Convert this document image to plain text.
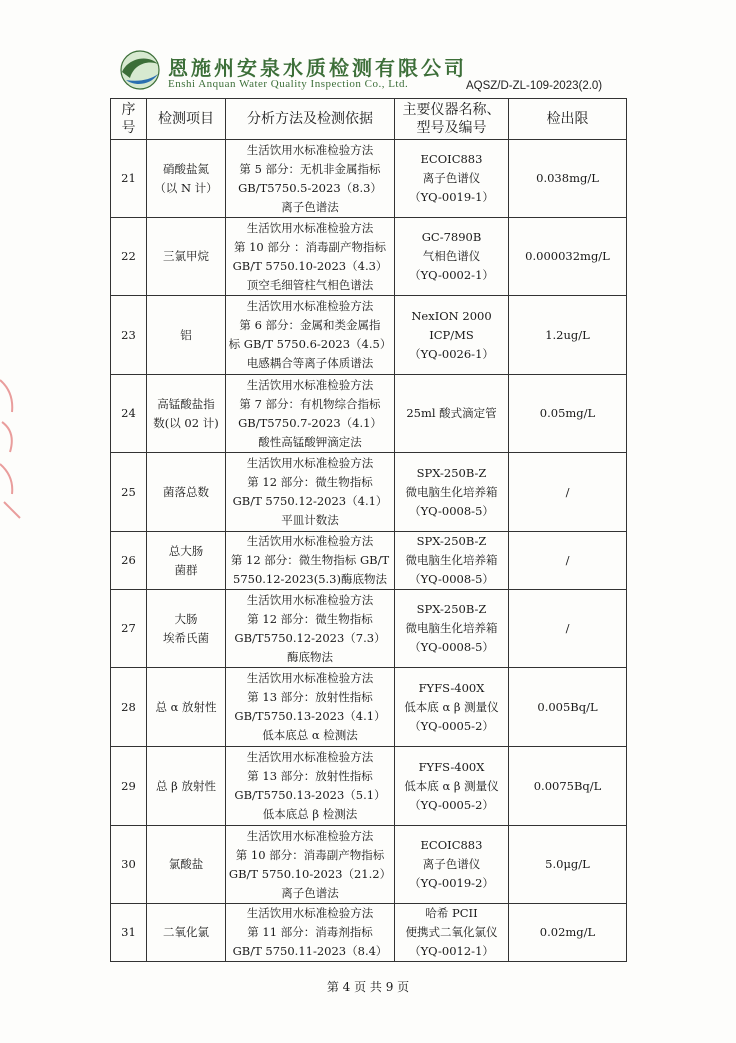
恩施州安泉水质检测有限公司
Enshi Anquan Water Quality Inspection Co., Ltd.	AQSZ/D-ZL-109-2023(2.0)
序
号	检测项目	分析方法及检测依据	主要仪器名称、
型号及编号	检出限

21	硝酸盐氮
（以 N 计）	生活饮用水标准检验方法
第 5 部分：无机非金属指标
GB/T5750.5-2023（8.3）
离子色谱法	ECOIC883
离子色谱仪
（YQ-0019-1）	0.038mg/L
22	三氯甲烷	生活饮用水标准检验方法
第 10 部分 ：消毒副产物指标
GB/T 5750.10-2023（4.3）
顶空毛细管柱气相色谱法	GC-7890B
气相色谱仪
（YQ-0002-1）	0.000032mg/L
23	铝	生活饮用水标准检验方法
第 6 部分：金属和类金属指
标 GB/T 5750.6-2023（4.5）
电感耦合等离子体质谱法	NexION 2000
ICP/MS
（YQ-0026-1）	1.2ug/L
24	高锰酸盐指
数(以 02 计)	生活饮用水标准检验方法
第 7 部分：有机物综合指标
GB/T5750.7-2023（4.1）
酸性高锰酸钾滴定法	25ml 酸式滴定管	0.05mg/L
25	菌落总数	生活饮用水标准检验方法
第 12 部分：微生物指标
GB/T 5750.12-2023（4.1）
平皿计数法	SPX-250B-Z
微电脑生化培养箱
（YQ-0008-5）	/
26	总大肠
菌群	生活饮用水标准检验方法
第 12 部分：微生物指标 GB/T
5750.12-2023(5.3)酶底物法	SPX-250B-Z
微电脑生化培养箱
（YQ-0008-5）	/
27	大肠
埃希氏菌	生活饮用水标准检验方法
第 12 部分：微生物指标
GB/T5750.12-2023（7.3）
酶底物法	SPX-250B-Z
微电脑生化培养箱
（YQ-0008-5）	/
28	总 α 放射性	生活饮用水标准检验方法
第 13 部分：放射性指标
GB/T5750.13-2023（4.1）
低本底总 α 检测法	FYFS-400X
低本底 α β 测量仪
（YQ-0005-2）	0.005Bq/L
29	总 β 放射性	生活饮用水标准检验方法
第 13 部分：放射性指标
GB/T5750.13-2023（5.1）
低本底总 β 检测法	FYFS-400X
低本底 α β 测量仪
（YQ-0005-2）	0.0075Bq/L
30	氯酸盐	生活饮用水标准检验方法
第 10 部分：消毒副产物指标
GB/T 5750.10-2023（21.2）
离子色谱法	ECOIC883
离子色谱仪
（YQ-0019-2）	5.0μg/L
31	二氧化氯	生活饮用水标准检验方法
第 11 部分：消毒剂指标
GB/T 5750.11-2023（8.4）	哈希 PCII
便携式二氧化氯仪
（YQ-0012-1）	0.02mg/L
第 4 页 共 9 页
